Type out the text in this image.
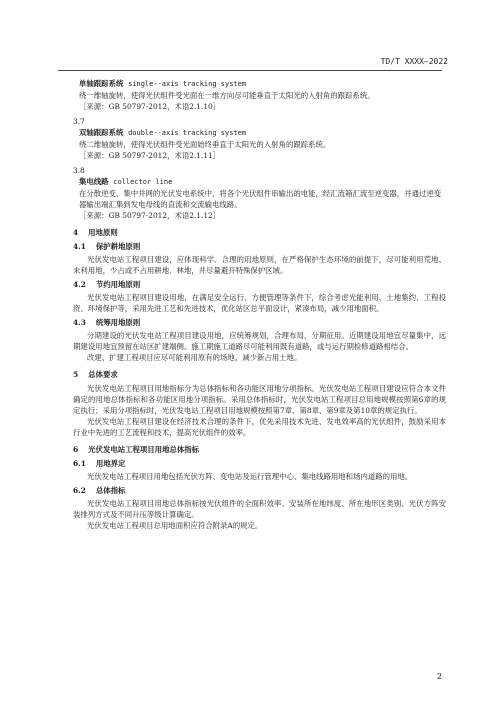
TD/T XXXX—2022
单轴跟踪系统 single--axis tracking system
绕一维轴旋转，使得光伏组件受光面在一维方向尽可能垂直于太阳光的入射角的跟踪系统。
［来源：GB 50797-2012，术语2.1.10］
3.7
双轴跟踪系统 double--axis tracking system
绕二维轴旋转，使得光伏组件受光面始终垂直于太阳光的入射角的跟踪系统。
［来源：GB 50797-2012，术语2.1.11］
3.8
集电线路 collector line
在分散逆变、集中并网的光伏发电系统中，将各个光伏组件串输出的电能，经汇流箱汇流至逆变器，并通过逆变器输出端汇集到发电母线的直流和交流输电线路。
［来源：GB 50797-2012，术语2.1.12］
4 用地原则
4.1 保护耕地原则
光伏发电站工程项目建设，应体现科学、合理的用地原则，在严格保护生态环境的前提下，尽可能利用荒地、未利用地，少占或不占用耕地、林地，并尽量避开特殊保护区域。
4.2 节约用地原则
光伏发电站工程项目建设用地，在满足安全运行、方便管理等条件下，综合考虑光能利用、土地集约、工程投资、环境保护等，采用先进工艺和先进技术，优化站区总平面设计，紧凑布局，减少用地面积。
4.3 统筹用地原则
分期建设的光伏发电站工程项目建设用地，应统筹规划，合理布局，分期征用。近期建设用地宜尽量集中，远期建设用地宜预留在站区扩建端侧。施工期施工道路尽可能利用既有道路，或与运行期检修道路相结合。
改建、扩建工程项目应尽可能利用原有的场地，减少新占用土地。
5 总体要求
光伏发电站工程项目用地指标分为总体指标和各功能区用地分项指标。光伏发电站工程项目建设应符合本文件确定的用地总体指标和各功能区用地分项指标。采用总体指标时，光伏发电站工程项目总用地规模按照第6章的规定执行；采用分项指标时，光伏发电站工程项目用地规模按照第7章、第8章、第9章及第10章的规定执行。
光伏发电站工程项目建设在经济技术合理的条件下，优先采用技术先进、发电效率高的光伏组件，鼓励采用本行业中先进的工艺流程和技术，提高光伏组件的效率。
6 光伏发电站工程项目用地总体指标
6.1 用地界定
光伏发电站工程项目用地包括光伏方阵、变电站及运行管理中心、集电线路用地和场内道路的用地。
6.2 总体指标
光伏发电站工程项目用地总体指标按光伏组件的全面积效率、安装所在地纬度、所在地形区类别、光伏方阵安装排列方式及不同升压等级计算确定。
光伏发电站工程项目总用地面积应符合附录A的规定。
2
